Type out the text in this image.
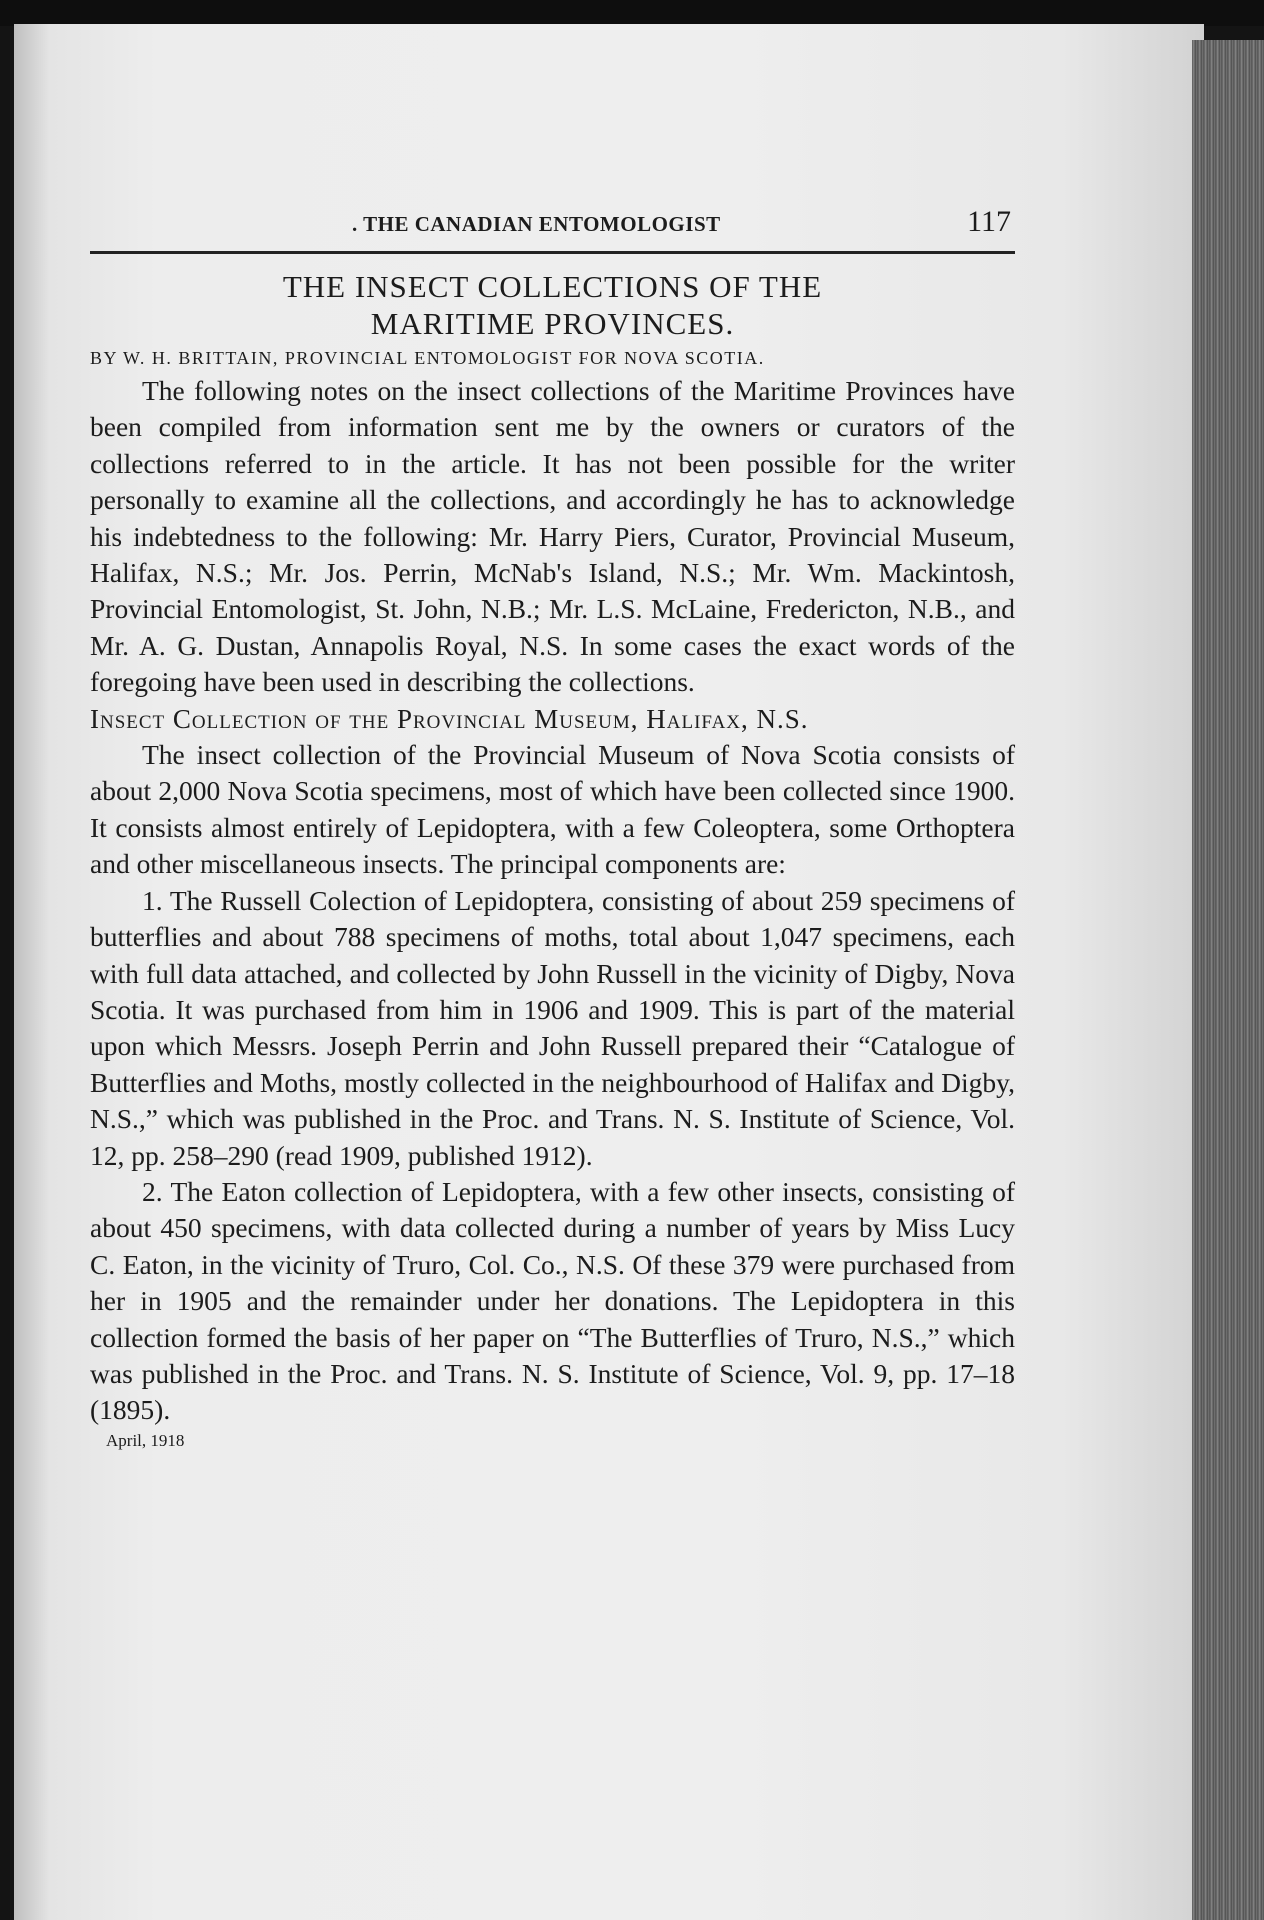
. THE CANADIAN ENTOMOLOGIST	117
THE INSECT COLLECTIONS OF THE
MARITIME PROVINCES.

BY W. H. BRITTAIN, PROVINCIAL ENTOMOLOGIST FOR NOVA SCOTIA.

The following notes on the insect collections of the Maritime Provinces have been compiled from information sent me by the owners or curators of the collections referred to in the article. It has not been possible for the writer personally to examine all the collections, and accordingly he has to acknowledge his indebtedness to the following: Mr. Harry Piers, Curator, Provincial Museum, Halifax, N.S.; Mr. Jos. Perrin, McNab's Island, N.S.; Mr. Wm. Mackintosh, Provincial Entomologist, St. John, N.B.; Mr. L.S. McLaine, Fredericton, N.B., and Mr. A. G. Dustan, Annapolis Royal, N.S. In some cases the exact words of the foregoing have been used in describing the collections.

Insect Collection of the Provincial Museum, Halifax, N.S.

The insect collection of the Provincial Museum of Nova Scotia consists of about 2,000 Nova Scotia specimens, most of which have been collected since 1900. It consists almost entirely of Lepidoptera, with a few Coleoptera, some Orthoptera and other miscellaneous insects. The principal components are:

1. The Russell Colection of Lepidoptera, consisting of about 259 specimens of butterflies and about 788 specimens of moths, total about 1,047 specimens, each with full data attached, and collected by John Russell in the vicinity of Digby, Nova Scotia. It was purchased from him in 1906 and 1909. This is part of the material upon which Messrs. Joseph Perrin and John Russell prepared their “Catalogue of Butterflies and Moths, mostly collected in the neighbourhood of Halifax and Digby, N.S.,” which was published in the Proc. and Trans. N. S. Institute of Science, Vol. 12, pp. 258–290 (read 1909, published 1912).

2. The Eaton collection of Lepidoptera, with a few other insects, consisting of about 450 specimens, with data collected during a number of years by Miss Lucy C. Eaton, in the vicinity of Truro, Col. Co., N.S. Of these 379 were purchased from her in 1905 and the remainder under her donations. The Lepidoptera in this collection formed the basis of her paper on “The Butterflies of Truro, N.S.,” which was published in the Proc. and Trans. N. S. Institute of Science, Vol. 9, pp. 17–18 (1895).

April, 1918
